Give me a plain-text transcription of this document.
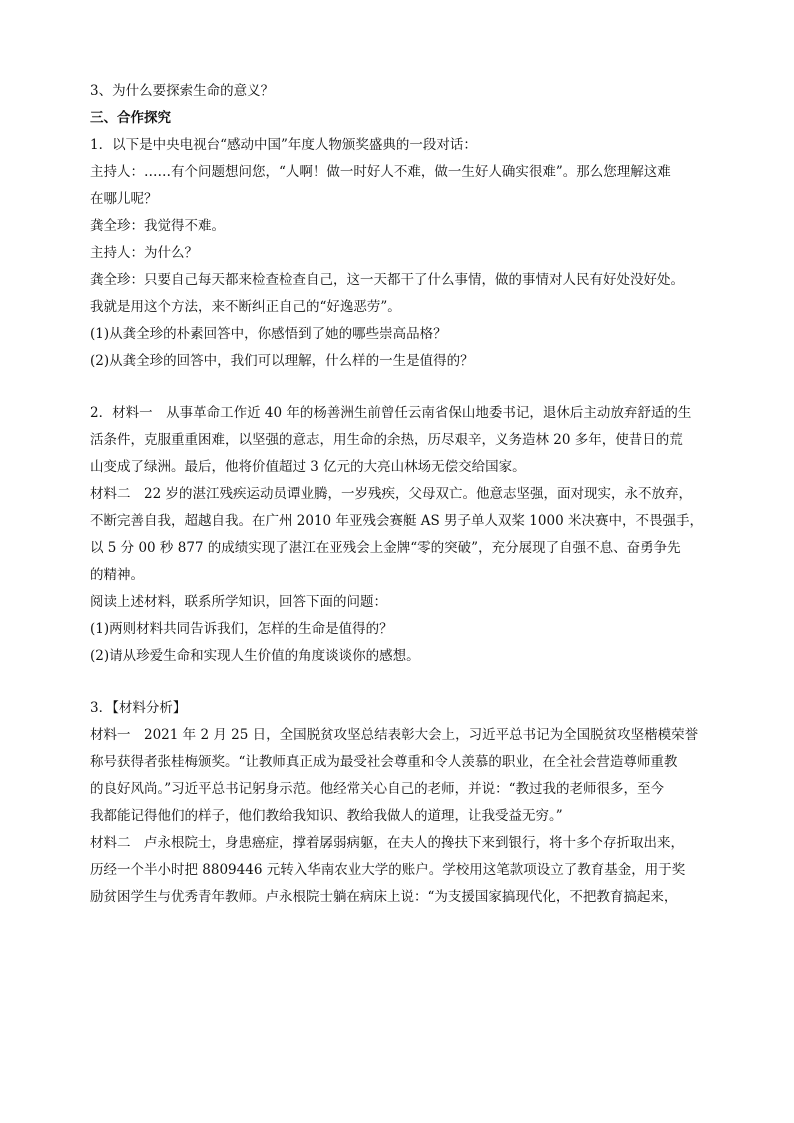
3、为什么要探索生命的意义？
三、合作探究
1．以下是中央电视台“感动中国”年度人物颁奖盛典的一段对话：
主持人：……有个问题想问您，“人啊！做一时好人不难，做一生好人确实很难”。那么您理解这难
在哪儿呢？
龚全珍：我觉得不难。
主持人：为什么？
龚全珍：只要自己每天都来检查检查自己，这一天都干了什么事情，做的事情对人民有好处没好处。
我就是用这个方法，来不断纠正自己的“好逸恶劳”。
(1)从龚全珍的朴素回答中，你感悟到了她的哪些崇高品格？
(2)从龚全珍的回答中，我们可以理解，什么样的一生是值得的？
2．材料一　从事革命工作近 40 年的杨善洲生前曾任云南省保山地委书记，退休后主动放弃舒适的生
活条件，克服重重困难，以坚强的意志，用生命的余热，历尽艰辛，义务造林 20 多年，使昔日的荒
山变成了绿洲。最后，他将价值超过 3 亿元的大亮山林场无偿交给国家。
材料二　22 岁的湛江残疾运动员谭业腾，一岁残疾，父母双亡。他意志坚强，面对现实，永不放弃，
不断完善自我，超越自我。在广州 2010 年亚残会赛艇 AS 男子单人双桨 1000 米决赛中，不畏强手，
以 5 分 00 秒 877 的成绩实现了湛江在亚残会上金牌“零的突破”，充分展现了自强不息、奋勇争先
的精神。
阅读上述材料，联系所学知识，回答下面的问题：
(1)两则材料共同告诉我们，怎样的生命是值得的？
(2)请从珍爱生命和实现人生价值的角度谈谈你的感想。
3．【材料分析】
材料一　2021 年 2 月 25 日，全国脱贫攻坚总结表彰大会上，习近平总书记为全国脱贫攻坚楷模荣誉
称号获得者张桂梅颁奖。“让教师真正成为最受社会尊重和令人羡慕的职业，在全社会营造尊师重教
的良好风尚。”习近平总书记躬身示范。他经常关心自己的老师，并说：“教过我的老师很多，至今
我都能记得他们的样子，他们教给我知识、教给我做人的道理，让我受益无穷。”
材料二　卢永根院士，身患癌症，撑着孱弱病躯，在夫人的搀扶下来到银行，将十多个存折取出来，
历经一个半小时把 8809446 元转入华南农业大学的账户。学校用这笔款项设立了教育基金，用于奖
励贫困学生与优秀青年教师。卢永根院士躺在病床上说：“为支援国家搞现代化，不把教育搞起来，
